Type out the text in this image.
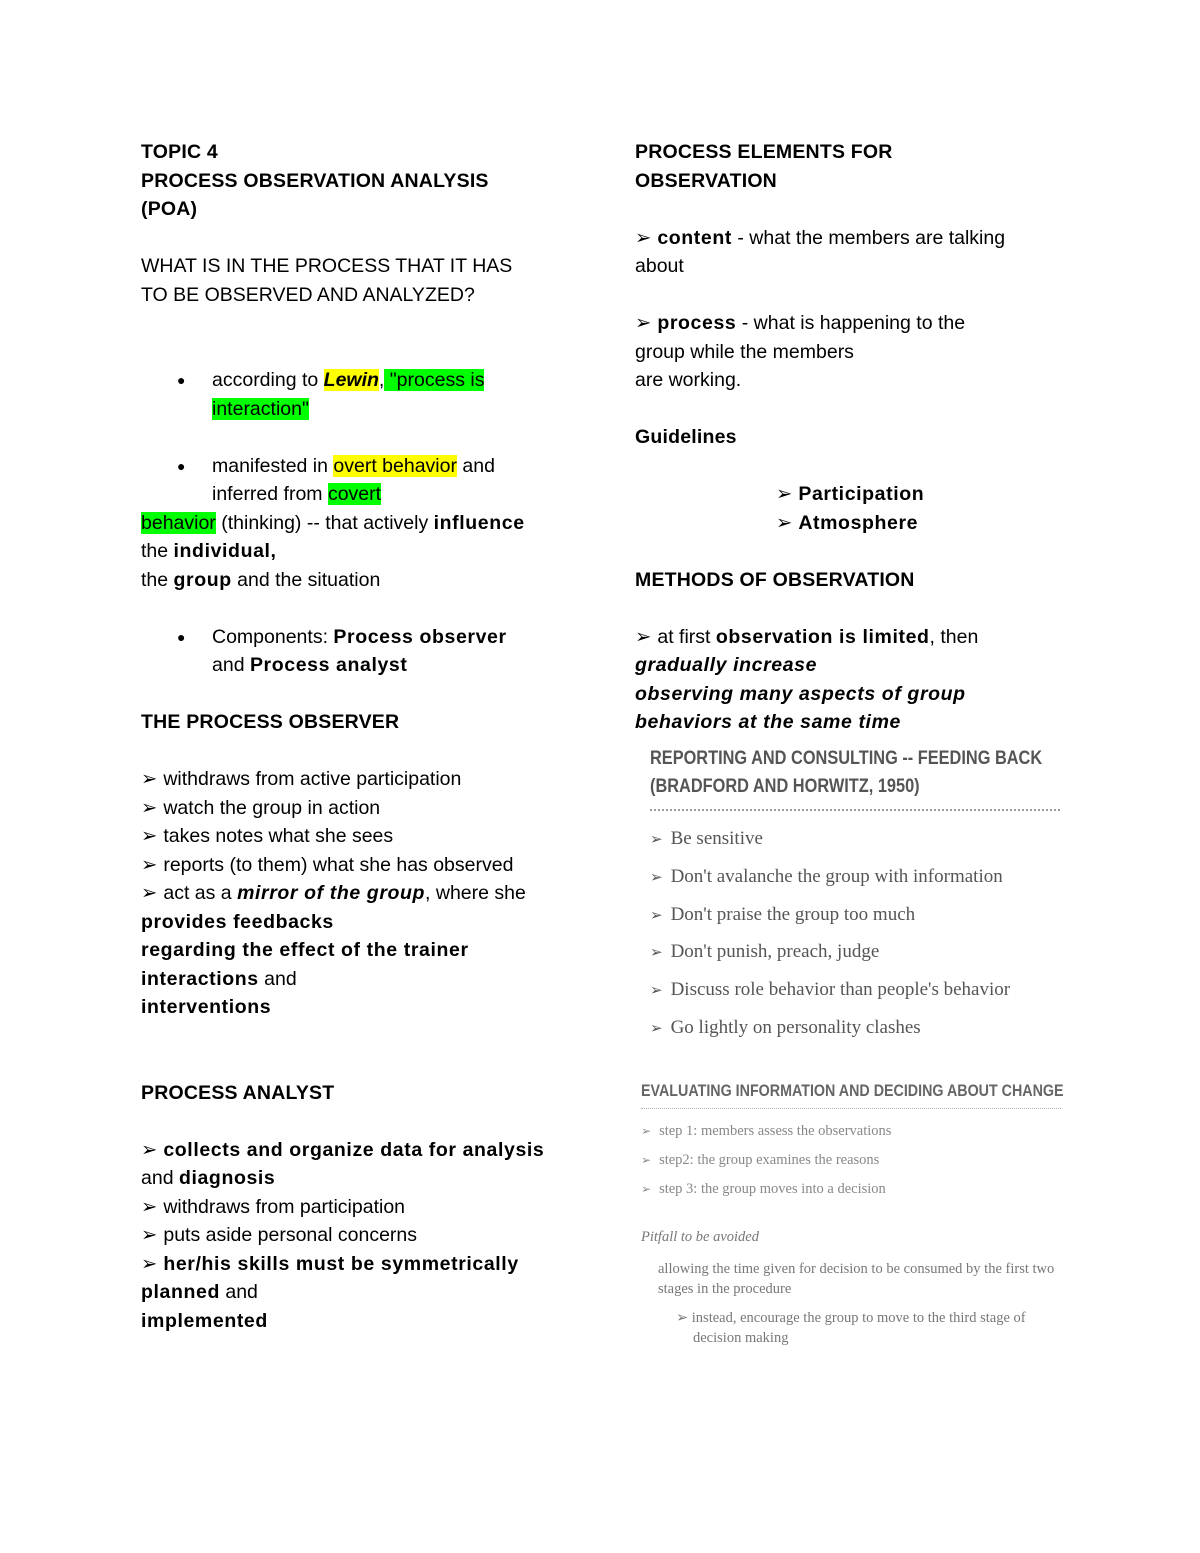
TOPIC 4
PROCESS OBSERVATION ANALYSIS
(POA)
WHAT IS IN THE PROCESS THAT IT HAS
TO BE OBSERVED AND ANALYZED?
● according to Lewin, "process is
interaction"
● manifested in overt behavior and
inferred from covert
behavior (thinking) -- that actively influence
the individual,
the group and the situation
● Components: Process observer
and Process analyst
THE PROCESS OBSERVER
➢ withdraws from active participation
➢ watch the group in action
➢ takes notes what she sees
➢ reports (to them) what she has observed
➢ act as a mirror of the group, where she
provides feedbacks
regarding the effect of the trainer
interactions and
interventions
PROCESS ANALYST
➢ collects and organize data for analysis
and diagnosis
➢ withdraws from participation
➢ puts aside personal concerns
➢ her/his skills must be symmetrically
planned and
implemented
PROCESS ELEMENTS FOR
OBSERVATION
➢ content - what the members are talking
about
➢ process - what is happening to the
group while the members
are working.
Guidelines
➢ Participation
➢ Atmosphere
METHODS OF OBSERVATION
➢ at first observation is limited, then
gradually increase
observing many aspects of group
behaviors at the same time
REPORTING AND CONSULTING -- FEEDING BACK
(BRADFORD AND HORWITZ, 1950)
➢ Be sensitive
➢ Don't avalanche the group with information
➢ Don't praise the group too much
➢ Don't punish, preach, judge
➢ Discuss role behavior than people's behavior
➢ Go lightly on personality clashes
EVALUATING INFORMATION AND DECIDING ABOUT CHANGE
➢ step 1: members assess the observations
➢ step2: the group examines the reasons
➢ step 3: the group moves into a decision
Pitfall to be avoided
allowing the time given for decision to be consumed by the first two stages in the procedure
➢ instead, encourage the group to move to the third stage of decision making
